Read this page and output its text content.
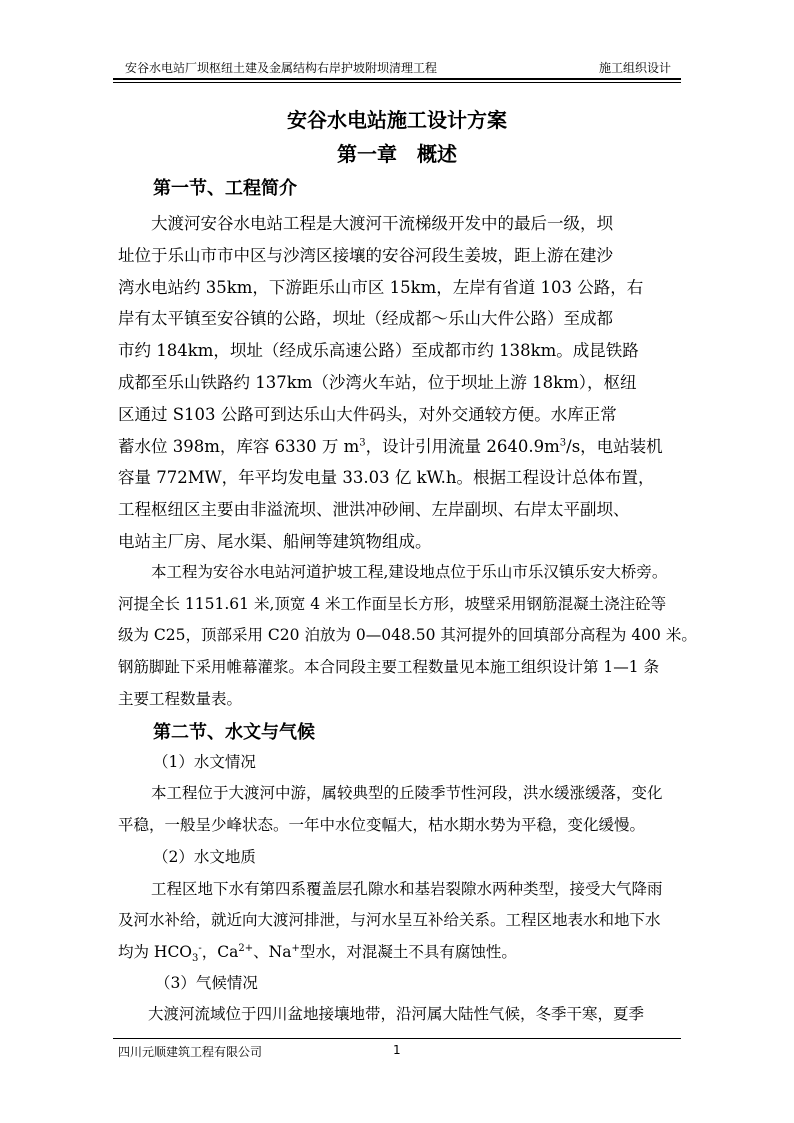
安谷水电站厂坝枢纽土建及金属结构右岸护坡附坝清理工程	施工组织设计
安谷水电站施工设计方案
第一章　概述
第一节、工程简介
大渡河安谷水电站工程是大渡河干流梯级开发中的最后一级，坝
址位于乐山市市中区与沙湾区接壤的安谷河段生姜坡，距上游在建沙
湾水电站约 35km，下游距乐山市区 15km，左岸有省道 103 公路，右
岸有太平镇至安谷镇的公路，坝址（经成都～乐山大件公路）至成都
市约 184km，坝址（经成乐高速公路）至成都市约 138km。成昆铁路
成都至乐山铁路约 137km（沙湾火车站，位于坝址上游 18km），枢纽
区通过 S103 公路可到达乐山大件码头，对外交通较方便。水库正常
蓄水位 398m，库容 6330 万 $m^3$，设计引用流量 $2640.9m^3/s$，电站装机
容量 772MW，年平均发电量 33.03 亿 kW.h。根据工程设计总体布置，
工程枢纽区主要由非溢流坝、泄洪冲砂闸、左岸副坝、右岸太平副坝、
电站主厂房、尾水渠、船闸等建筑物组成。
本工程为安谷水电站河道护坡工程,建设地点位于乐山市乐汉镇乐安大桥旁。
河提全长 1151.61 米,顶宽 4 米工作面呈长方形，坡壁采用钢筋混凝土浇注砼等
级为 C25，顶部采用 C20 泊放为 0—048.50 其河提外的回填部分高程为 400 米。
钢筋脚趾下采用帷幕灌浆。本合同段主要工程数量见本施工组织设计第 1—1 条
主要工程数量表。
第二节、水文与气候
（1）水文情况
本工程位于大渡河中游，属较典型的丘陵季节性河段，洪水缓涨缓落，变化
平稳，一般呈少峰状态。一年中水位变幅大，枯水期水势为平稳，变化缓慢。
（2）水文地质
工程区地下水有第四系覆盖层孔隙水和基岩裂隙水两种类型，接受大气降雨
及河水补给，就近向大渡河排泄，与河水呈互补给关系。工程区地表水和地下水
均为 $HCO_3^-$，$Ca^{2+}$、Na+型水，对混凝土不具有腐蚀性。
（3）气候情况
大渡河流域位于四川盆地接壤地带，沿河属大陆性气候，冬季干寒，夏季
四川元顺建筑工程有限公司	1
